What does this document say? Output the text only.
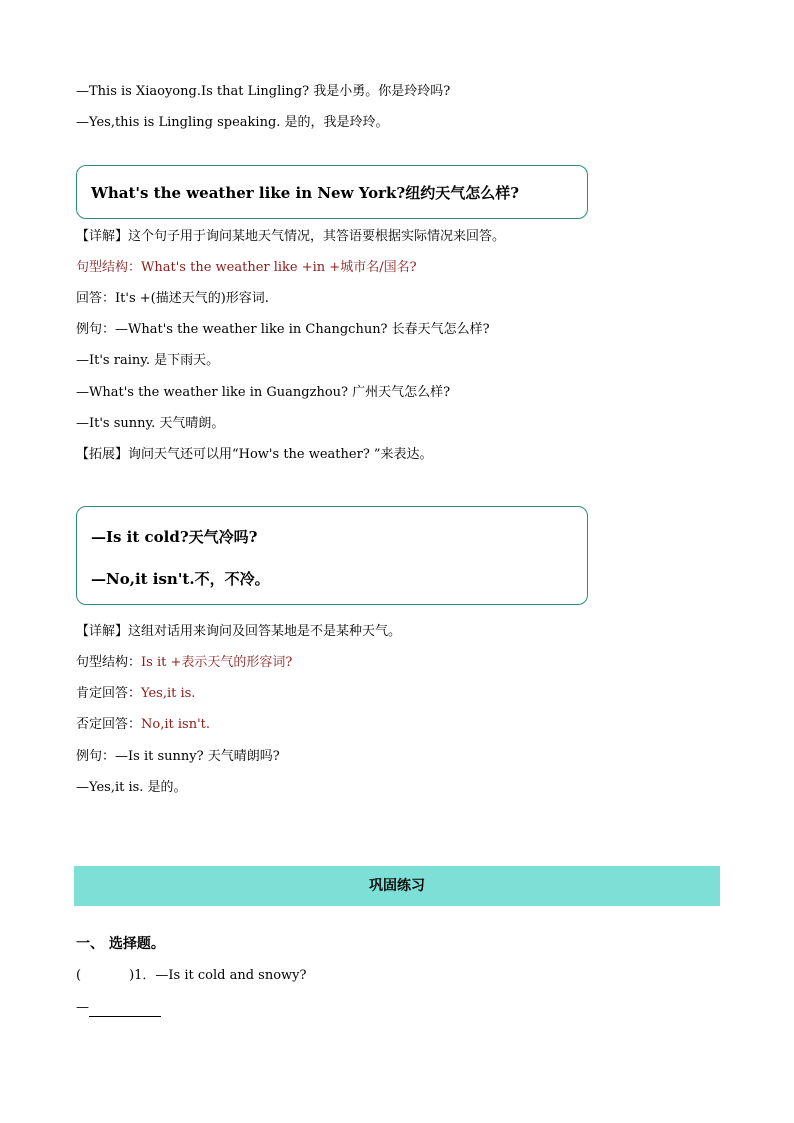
—This is Xiaoyong.Is that Lingling? 我是小勇。你是玲玲吗?
—Yes,this is Lingling speaking. 是的，我是玲玲。
What's the weather like in New York?纽约天气怎么样?
【详解】这个句子用于询问某地天气情况，其答语要根据实际情况来回答。
句型结构：What's the weather like +in +城市名/国名?
回答：It's +(描述天气的)形容词.
例句：—What's the weather like in Changchun? 长春天气怎么样?
—It's rainy. 是下雨天。
—What's the weather like in Guangzhou? 广州天气怎么样?
—It's sunny. 天气晴朗。
【拓展】询问天气还可以用“How's the weather? ”来表达。
—Is it cold?天气冷吗?
—No,it isn't.不，不冷。
【详解】这组对话用来询问及回答某地是不是某种天气。
句型结构：Is it +表示天气的形容词?
肯定回答：Yes,it is.
否定回答：No,it isn't.
例句：—Is it sunny? 天气晴朗吗?
—Yes,it is. 是的。
巩固练习
一、 选择题。
(	)1．—Is it cold and snowy?
—
